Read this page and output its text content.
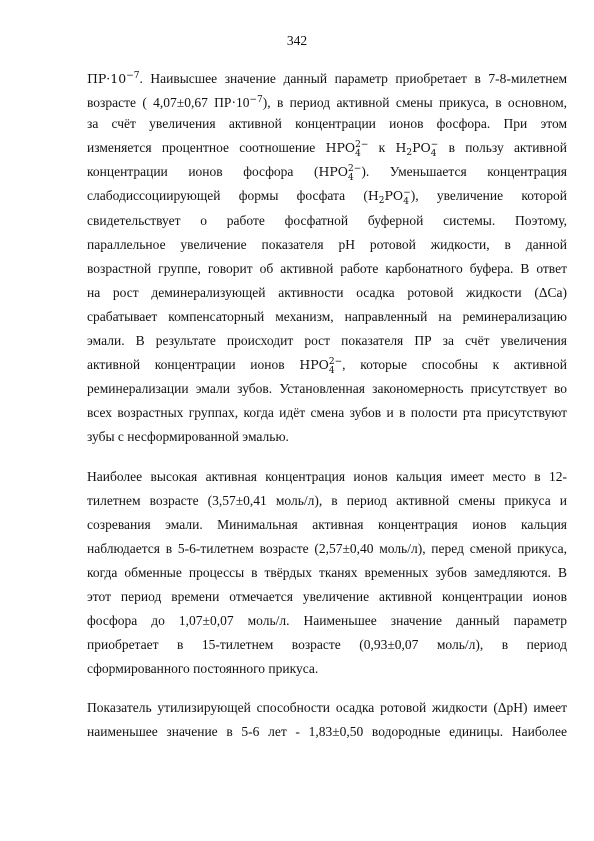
342
$ПР\cdot 10^{-7}$. Наивысшее значение данный параметр приобретает в 7-8-милетнем
возрасте ( 4,07±0,67 $ПР\cdot 10^{-7}$), в период активной смены прикуса, в основном,
за счёт увеличения активной концентрации ионов фосфора. При этом
изменяется процентное соотношение HPO 2−
4	к $H_2PO$ −
4 в пользу активной
концентрации ионов фосфора (HPO 2−
4 ). Уменьшается концентрация
слабодиссоциирующей формы фосфата ($H_2PO$ −
4 ), увеличение которой
свидетельствует о работе фосфатной буферной системы. Поэтому,
параллельное увеличение показателя pH ротовой жидкости, в данной
возрастной группе, говорит об активной работе карбонатного буфера. В ответ
на рост деминерализующей активности осадка ротовой жидкости (ΔCa)
срабатывает компенсаторный механизм, направленный на реминерализацию
эмали. В результате происходит рост показателя ПР за счёт увеличения
активной концентрации ионов HPO 2−
4 , которые способны к активной
реминерализации эмали зубов. Установленная закономерность присутствует во
всех возрастных группах, когда идёт смена зубов и в полости рта присутствуют
зубы с несформированной эмалью.
Наиболее высокая активная концентрация ионов кальция имеет место в 12-
тилетнем возрасте (3,57±0,41 моль/л), в период активной смены прикуса и
созревания эмали. Минимальная активная концентрация ионов кальция
наблюдается в 5-6-тилетнем возрасте (2,57±0,40 моль/л), перед сменой прикуса,
когда обменные процессы в твёрдых тканях временных зубов замедляются. В
этот период времени отмечается увеличение активной концентрации ионов
фосфора до 1,07±0,07 моль/л. Наименьшее значение данный параметр
приобретает в 15-тилетнем возрасте (0,93±0,07 моль/л), в период
сформированного постоянного прикуса.
Показатель утилизирующей способности осадка ротовой жидкости (ΔpH) имеет
наименьшее значение в 5-6 лет - 1,83±0,50 водородные единицы. Наиболее
